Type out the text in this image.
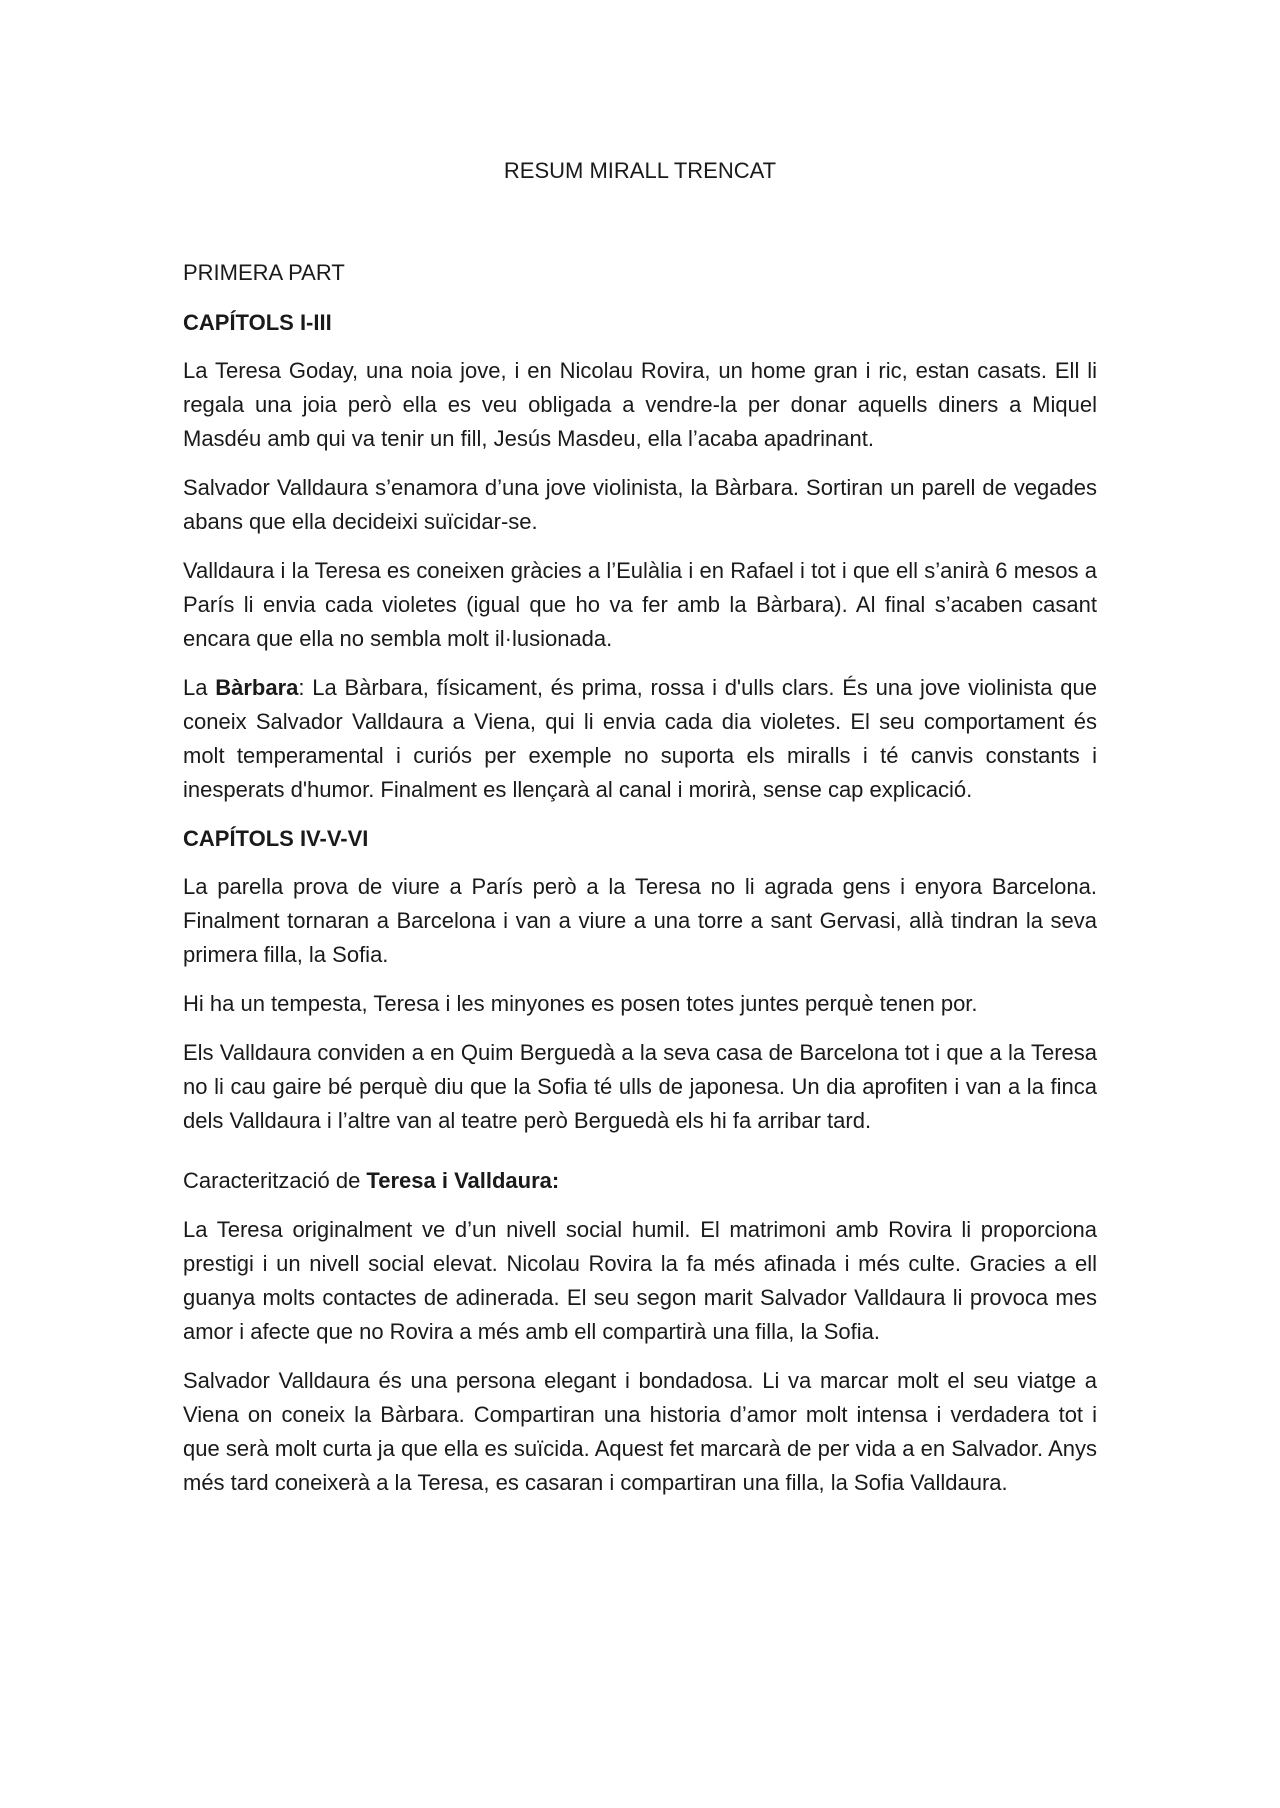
RESUM MIRALL TRENCAT

PRIMERA PART

CAPÍTOLS I-III

La Teresa Goday, una noia jove, i en Nicolau Rovira, un home gran i ric, estan casats. Ell li regala una joia però ella es veu obligada a vendre-la per donar aquells diners a Miquel Masdéu amb qui va tenir un fill, Jesús Masdeu, ella l’acaba apadrinant.

Salvador Valldaura s’enamora d’una jove violinista, la Bàrbara. Sortiran un parell de vegades abans que ella decideixi suïcidar-se.

Valldaura i la Teresa es coneixen gràcies a l’Eulàlia i en Rafael i tot i que ell s’anirà 6 mesos a París li envia cada violetes (igual que ho va fer amb la Bàrbara). Al final s’acaben casant encara que ella no sembla molt il·lusionada.

La Bàrbara: La Bàrbara, físicament, és prima, rossa i d'ulls clars. És una jove violinista que coneix Salvador Valldaura a Viena, qui li envia cada dia violetes. El seu comportament és molt temperamental i curiós per exemple no suporta els miralls i té canvis constants i inesperats d'humor. Finalment es llençarà al canal i morirà, sense cap explicació.

CAPÍTOLS IV-V-VI

La parella prova de viure a París però a la Teresa no li agrada gens i enyora Barcelona. Finalment tornaran a Barcelona i van a viure a una torre a sant Gervasi, allà tindran la seva primera filla, la Sofia.

Hi ha un tempesta, Teresa i les minyones es posen totes juntes perquè tenen por.

Els Valldaura conviden a en Quim Berguedà a la seva casa de Barcelona tot i que a la Teresa no li cau gaire bé perquè diu que la Sofia té ulls de japonesa. Un dia aprofiten i van a la finca dels Valldaura i l’altre van al teatre però Berguedà els hi fa arribar tard.

Caracterització de Teresa i Valldaura:

La Teresa originalment ve d’un nivell social humil. El matrimoni amb Rovira li proporciona prestigi i un nivell social elevat. Nicolau Rovira la fa més afinada i més culte. Gracies a ell guanya molts contactes de adinerada. El seu segon marit Salvador Valldaura li provoca mes amor i afecte que no Rovira a més amb ell compartirà una filla, la Sofia.

Salvador Valldaura és una persona elegant i bondadosa. Li va marcar molt el seu viatge a Viena on coneix la Bàrbara. Compartiran una historia d’amor molt intensa i verdadera tot i que serà molt curta ja que ella es suïcida. Aquest fet marcarà de per vida a en Salvador. Anys més tard coneixerà a la Teresa, es casaran i compartiran una filla, la Sofia Valldaura.
